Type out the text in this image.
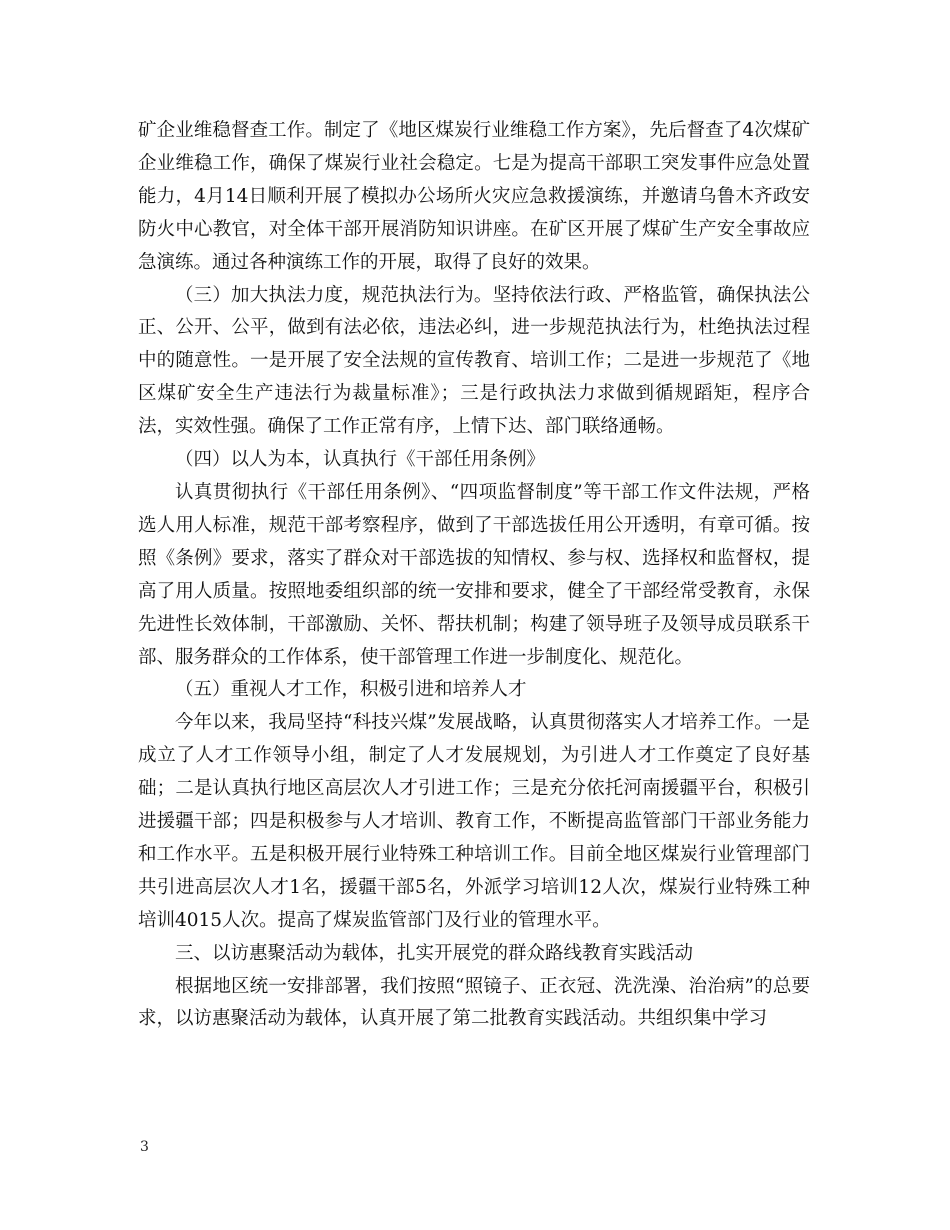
矿企业维稳督查工作。制定了《地区煤炭行业维稳工作方案》，先后督查了4次煤矿企业维稳工作，确保了煤炭行业社会稳定。七是为提高干部职工突发事件应急处置能力，4月14日顺利开展了模拟办公场所火灾应急救援演练，并邀请乌鲁木齐政安防火中心教官，对全体干部开展消防知识讲座。在矿区开展了煤矿生产安全事故应急演练。通过各种演练工作的开展，取得了良好的效果。

（三）加大执法力度，规范执法行为。坚持依法行政、严格监管，确保执法公正、公开、公平，做到有法必依，违法必纠，进一步规范执法行为，杜绝执法过程中的随意性。一是开展了安全法规的宣传教育、培训工作；二是进一步规范了《地区煤矿安全生产违法行为裁量标准》；三是行政执法力求做到循规蹈矩，程序合法，实效性强。确保了工作正常有序，上情下达、部门联络通畅。

（四）以人为本，认真执行《干部任用条例》

认真贯彻执行《干部任用条例》、“四项监督制度”等干部工作文件法规，严格选人用人标准，规范干部考察程序，做到了干部选拔任用公开透明，有章可循。按照《条例》要求，落实了群众对干部选拔的知情权、参与权、选择权和监督权，提高了用人质量。按照地委组织部的统一安排和要求，健全了干部经常受教育，永保先进性长效体制，干部激励、关怀、帮扶机制；构建了领导班子及领导成员联系干部、服务群众的工作体系，使干部管理工作进一步制度化、规范化。

（五）重视人才工作，积极引进和培养人才

今年以来，我局坚持“科技兴煤”发展战略，认真贯彻落实人才培养工作。一是成立了人才工作领导小组，制定了人才发展规划，为引进人才工作奠定了良好基础；二是认真执行地区高层次人才引进工作；三是充分依托河南援疆平台，积极引进援疆干部；四是积极参与人才培训、教育工作，不断提高监管部门干部业务能力和工作水平。五是积极开展行业特殊工种培训工作。目前全地区煤炭行业管理部门共引进高层次人才1名，援疆干部5名，外派学习培训12人次，煤炭行业特殊工种培训4015人次。提高了煤炭监管部门及行业的管理水平。

三、以访惠聚活动为载体，扎实开展党的群众路线教育实践活动

根据地区统一安排部署，我们按照“照镜子、正衣冠、洗洗澡、治治病”的总要求，以访惠聚活动为载体，认真开展了第二批教育实践活动。共组织集中学习

3
